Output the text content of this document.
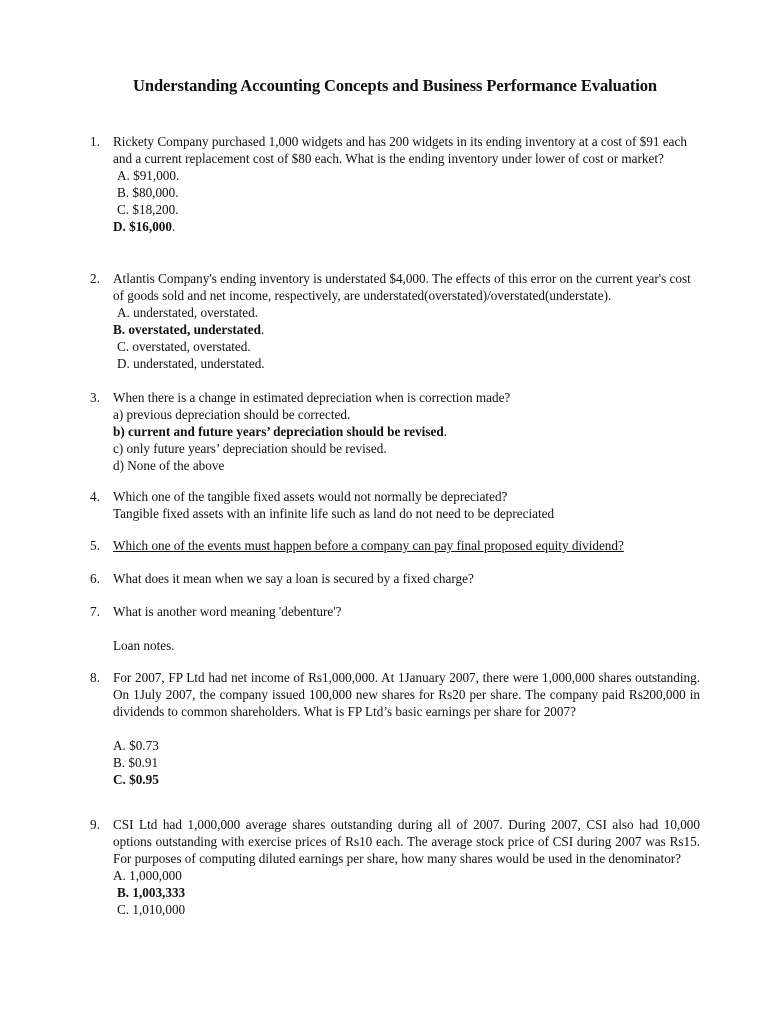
Understanding Accounting Concepts and Business Performance Evaluation
1. Rickety Company purchased 1,000 widgets and has 200 widgets in its ending inventory at a cost of $91 each and a current replacement cost of $80 each. What is the ending inventory under lower of cost or market?
A. $91,000.
B. $80,000.
C. $18,200.
D. $16,000.
2. Atlantis Company's ending inventory is understated $4,000. The effects of this error on the current year's cost of goods sold and net income, respectively, are understated(overstated)/overstated(understate).
A. understated, overstated.
B. overstated, understated.
C. overstated, overstated.
D. understated, understated.
3. When there is a change in estimated depreciation when is correction made?
a) previous depreciation should be corrected.
b) current and future years’ depreciation should be revised.
c) only future years’ depreciation should be revised.
d) None of the above
4. Which one of the tangible fixed assets would not normally be depreciated?
Tangible fixed assets with an infinite life such as land do not need to be depreciated
5. Which one of the events must happen before a company can pay final proposed equity dividend?
6. What does it mean when we say a loan is secured by a fixed charge?
7. What is another word meaning 'debenture'?
Loan notes.
8. For 2007, FP Ltd had net income of Rs1,000,000. At 1January 2007, there were 1,000,000 shares outstanding. On 1July 2007, the company issued 100,000 new shares for Rs20 per share. The company paid Rs200,000 in dividends to common shareholders. What is FP Ltd’s basic earnings per share for 2007?
A. $0.73
B. $0.91
C. $0.95
9. CSI Ltd had 1,000,000 average shares outstanding during all of 2007. During 2007, CSI also had 10,000 options outstanding with exercise prices of Rs10 each. The average stock price of CSI during 2007 was Rs15. For purposes of computing diluted earnings per share, how many shares would be used in the denominator?
A. 1,000,000
B. 1,003,333
C. 1,010,000
